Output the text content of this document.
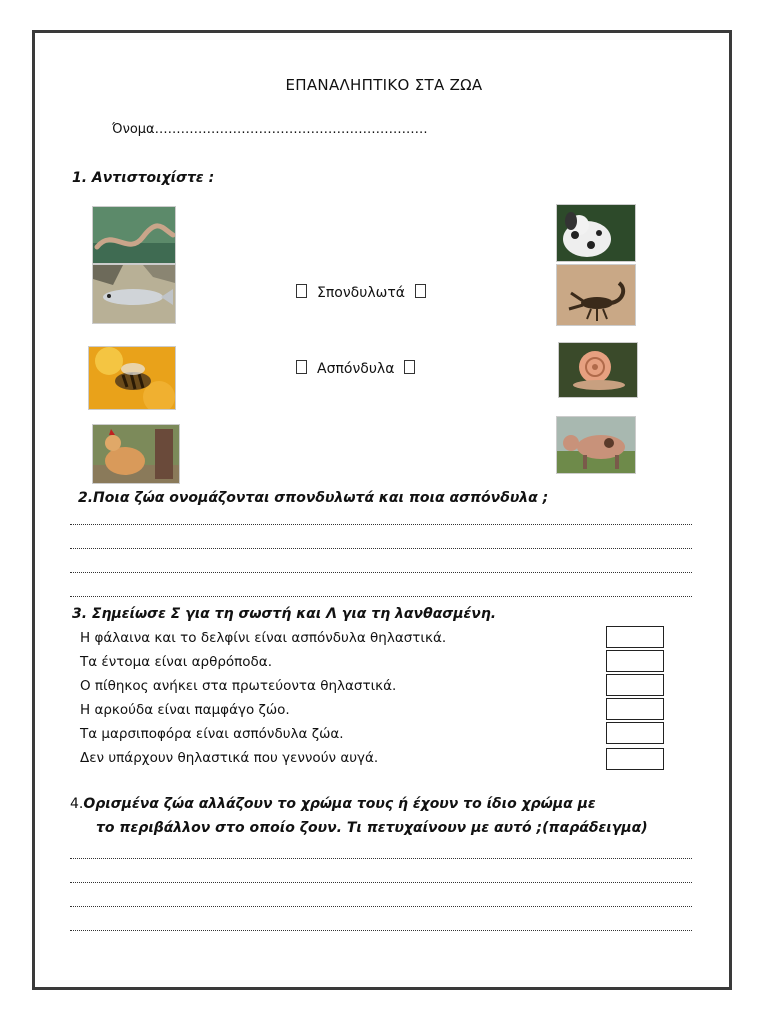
ΕΠΑΝΑΛΗΠΤΙΚΟ ΣΤΑ ΖΩΑ
Όνομα………………………………………………………
1. Αντιστοιχίστε :
Σπονδυλωτά
Ασπόνδυλα
2.Ποια ζώα ονομάζονται σπονδυλωτά και ποια ασπόνδυλα ;
3. Σημείωσε Σ για τη σωστή και Λ για τη λανθασμένη.
Η φάλαινα και το δελφίνι είναι ασπόνδυλα θηλαστικά.
Τα έντομα είναι αρθρόποδα.
Ο πίθηκος ανήκει στα πρωτεύοντα θηλαστικά.
Η αρκούδα είναι παμφάγο ζώο.
Τα μαρσιποφόρα είναι ασπόνδυλα ζώα.
Δεν υπάρχουν θηλαστικά που γεννούν αυγά.
4.Ορισμένα ζώα αλλάζουν το χρώμα τους ή έχουν το ίδιο χρώμα με
το περιβάλλον στο οποίο ζουν. Τι πετυχαίνουν με αυτό ;(παράδειγμα)
